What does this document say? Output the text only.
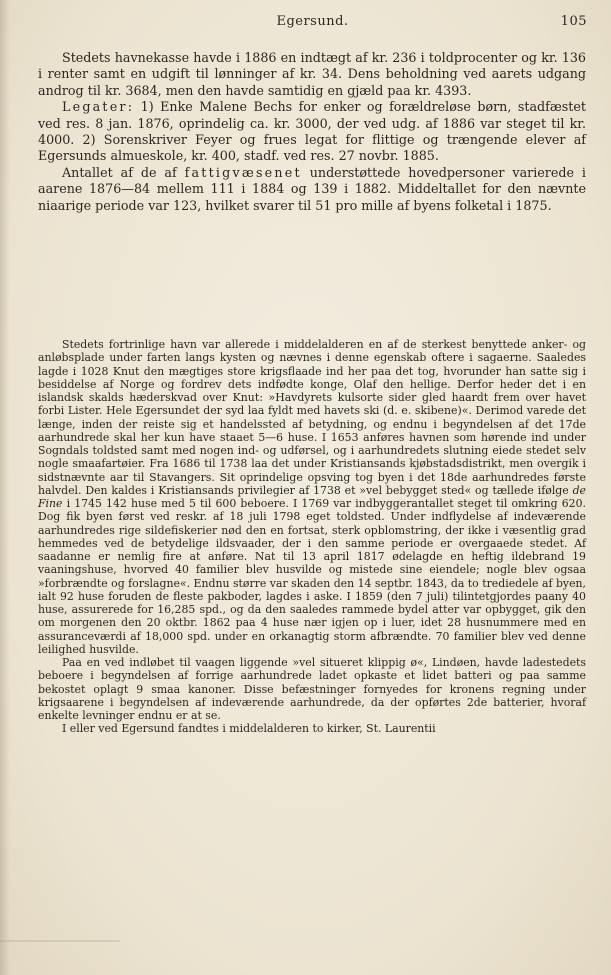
Egersund.	105

Stedets havnekasse havde i 1886 en indtægt af kr. 236 i toldprocenter og kr. 136 i renter samt en udgift til lønninger af kr. 34. Dens beholdning ved aarets udgang androg til kr. 3684, men den havde samtidig en gjæld paa kr. 4393.

Legater: 1) Enke Malene Bechs for enker og forældreløse børn, stadfæstet ved res. 8 jan. 1876, oprindelig ca. kr. 3000, der ved udg. af 1886 var steget til kr. 4000. 2) Sorenskriver Feyer og frues legat for flittige og trængende elever af Egersunds almueskole, kr. 400, stadf. ved res. 27 novbr. 1885.

Antallet af de af fattigvæsenet understøttede hovedpersoner varierede i aarene 1876—84 mellem 111 i 1884 og 139 i 1882. Middeltallet for den nævnte niaarige periode var 123, hvilket svarer til 51 pro mille af byens folketal i 1875.

Stedets fortrinlige havn var allerede i middelalderen en af de sterkest benyttede anker- og anløbsplade under farten langs kysten og nævnes i denne egenskab oftere i sagaerne. Saaledes lagde i 1028 Knut den mægtiges store krigsflaade ind her paa det tog, hvorunder han satte sig i besiddelse af Norge og fordrev dets indfødte konge, Olaf den hellige. Derfor heder det i en islandsk skalds hæderskvad over Knut: »Havdyrets kulsorte sider gled haardt frem over havet forbi Lister. Hele Egersundet der syd laa fyldt med havets ski (d. e. skibene)«. Derimod varede det længe, inden der reiste sig et handelssted af betydning, og endnu i begyndelsen af det 17de aarhundrede skal her kun have staaet 5—6 huse. I 1653 anføres havnen som hørende ind under Sogndals toldsted samt med nogen ind- og udførsel, og i aarhundredets slutning eiede stedet selv nogle smaafartøier. Fra 1686 til 1738 laa det under Kristiansands kjøbstadsdistrikt, men overgik i sidstnævnte aar til Stavangers. Sit oprindelige opsving tog byen i det 18de aarhundredes første halvdel. Den kaldes i Kristiansands privilegier af 1738 et »vel bebygget sted« og tællede ifølge de Fine i 1745 142 huse med 5 til 600 beboere. I 1769 var indbyggerantallet steget til omkring 620. Dog fik byen først ved reskr. af 18 juli 1798 eget toldsted. Under indflydelse af indeværende aarhundredes rige sildefiskerier nød den en fortsat, sterk opblomstring, der ikke i væsentlig grad hemmedes ved de betydelige ildsvaader, der i den samme periode er overgaaede stedet. Af saadanne er nemlig fire at anføre. Nat til 13 april 1817 ødelagde en heftig ildebrand 19 vaaningshuse, hvorved 40 familier blev husvilde og mistede sine eiendele; nogle blev ogsaa »forbrændte og forslagne«. Endnu større var skaden den 14 septbr. 1843, da to trediedele af byen, ialt 92 huse foruden de fleste pakboder, lagdes i aske. I 1859 (den 7 juli) tilintetgjordes paany 40 huse, assurerede for 16,285 spd., og da den saaledes rammede bydel atter var opbygget, gik den om morgenen den 20 oktbr. 1862 paa 4 huse nær igjen op i luer, idet 28 husnummere med en assuranceværdi af 18,000 spd. under en orkanagtig storm afbrændte. 70 familier blev ved denne leilighed husvilde.

Paa en ved indløbet til vaagen liggende »vel situeret klippig ø«, Lindøen, havde ladestedets beboere i begyndelsen af forrige aarhundrede ladet opkaste et lidet batteri og paa samme bekostet oplagt 9 smaa kanoner. Disse befæstninger fornyedes for kronens regning under krigsaarene i begyndelsen af indeværende aarhundrede, da der opførtes 2de batterier, hvoraf enkelte levninger endnu er at se.

I eller ved Egersund fandtes i middelalderen to kirker, St. Laurentii
